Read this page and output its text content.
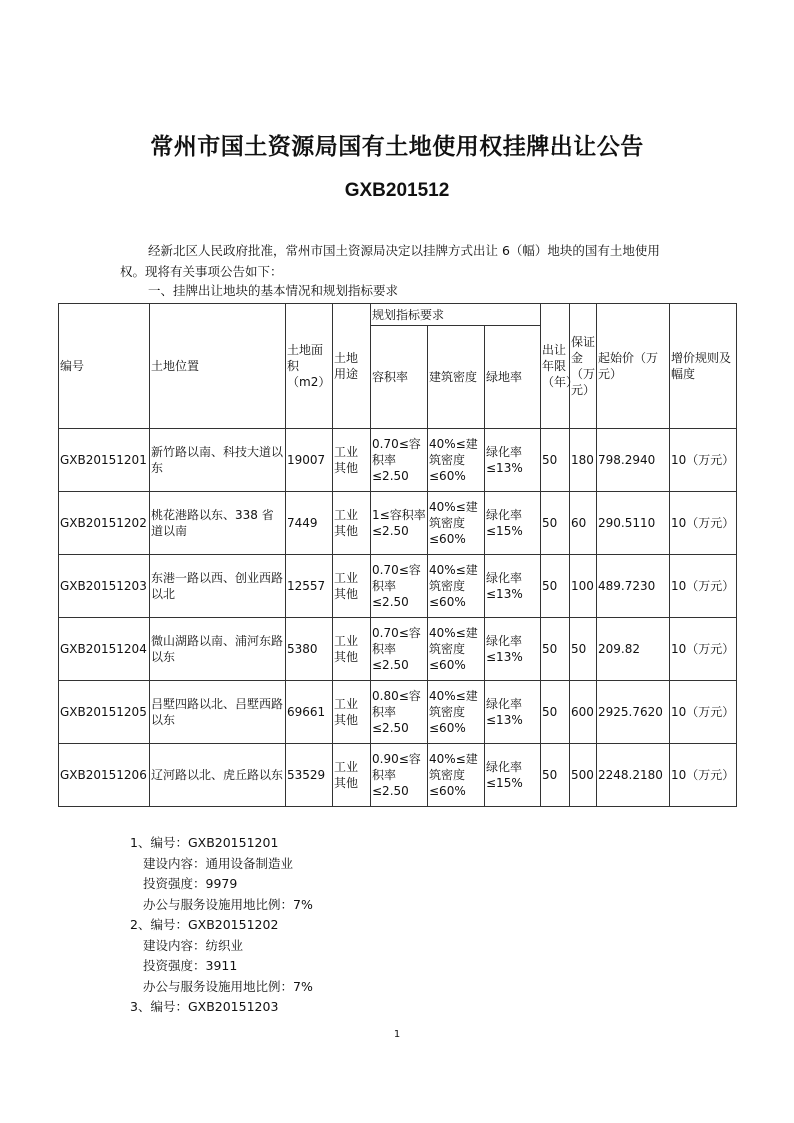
常州市国土资源局国有土地使用权挂牌出让公告
GXB201512
经新北区人民政府批准，常州市国土资源局决定以挂牌方式出让 6（幅）地块的国有土地使用权。现将有关事项公告如下：
一、挂牌出让地块的基本情况和规划指标要求
编号	土地位置	土地面积（m2）	土地用途	规划指标要求			出让年限（年）	保证金（万元）	起始价（万元）	增价规则及幅度
				容积率	建筑密度	绿地率				
GXB20151201	新竹路以南、科技大道以东	19007	工业其他	0.70≤容积率≤2.50	40%≤建筑密度≤60%	绿化率≤13%	50	180	798.2940	10（万元）
GXB20151202	桃花港路以东、338 省道以南	7449	工业其他	1≤容积率≤2.50	40%≤建筑密度≤60%	绿化率≤15%	50	60	290.5110	10（万元）
GXB20151203	东港一路以西、创业西路以北	12557	工业其他	0.70≤容积率≤2.50	40%≤建筑密度≤60%	绿化率≤13%	50	100	489.7230	10（万元）
GXB20151204	微山湖路以南、浦河东路以东	5380	工业其他	0.70≤容积率≤2.50	40%≤建筑密度≤60%	绿化率≤13%	50	50	209.82	10（万元）
GXB20151205	吕墅四路以北、吕墅西路以东	69661	工业其他	0.80≤容积率≤2.50	40%≤建筑密度≤60%	绿化率≤13%	50	600	2925.7620	10（万元）
GXB20151206	辽河路以北、虎丘路以东	53529	工业其他	0.90≤容积率≤2.50	40%≤建筑密度≤60%	绿化率≤15%	50	500	2248.2180	10（万元）
1、编号：GXB20151201
建设内容：通用设备制造业
投资强度：9979
办公与服务设施用地比例：7%
2、编号：GXB20151202
建设内容：纺织业
投资强度：3911
办公与服务设施用地比例：7%
3、编号：GXB20151203
1
